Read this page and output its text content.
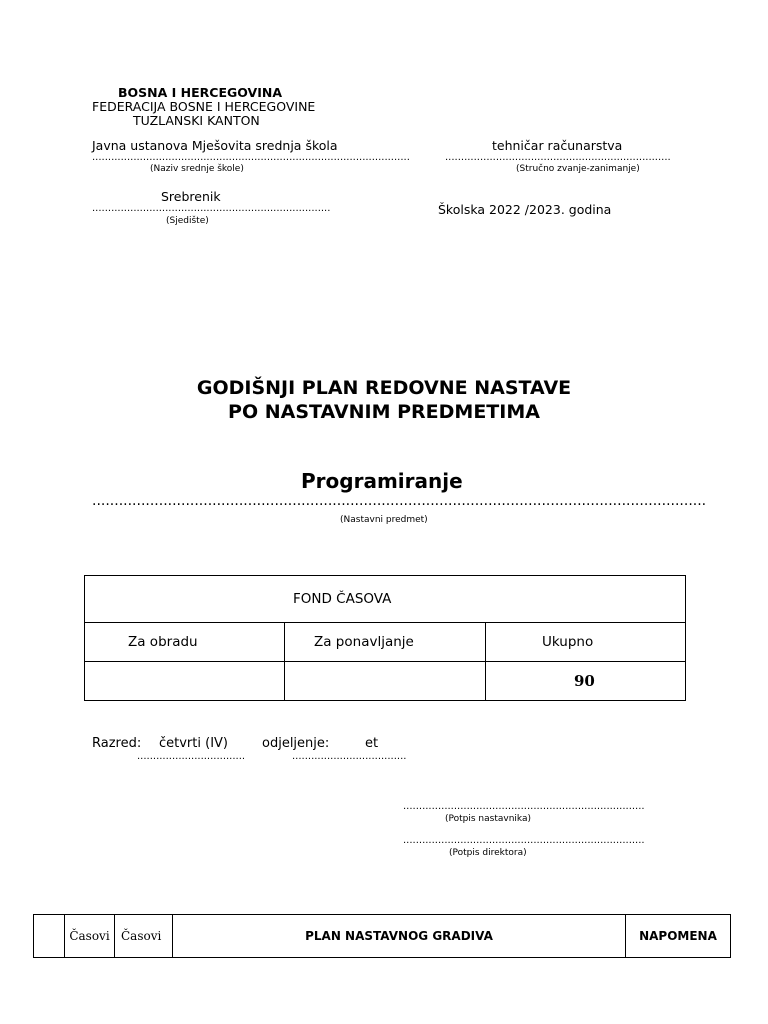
BOSNA I HERCEGOVINA
FEDERACIJA BOSNE I HERCEGOVINE
TUZLANSKI KANTON
Javna ustanova Mješovita srednja škola
....................................................................................................
(Naziv srednje škole)
tehničar računarstva
.......................................................................
(Stručno zvanje-zanimanje)
Srebrenik
...........................................................................
(Sjedište)
Školska 2022 /2023. godina
GODIŠNJI PLAN REDOVNE NASTAVE
PO NASTAVNIM PREDMETIMA
Programiranje
..........................................................................................................................................
(Nastavni predmet)
FOND ČASOVA		

Za obradu	Za ponavljanje	Ukupno

		90
Razred: četvrti (IV)
..................................
odjeljenje:	et
....................................
............................................................................
(Potpis nastavnika)
............................................................................
(Potpis direktora)
	Časovi	Časovi	PLAN NASTAVNOG GRADIVA	NAPOMENA
